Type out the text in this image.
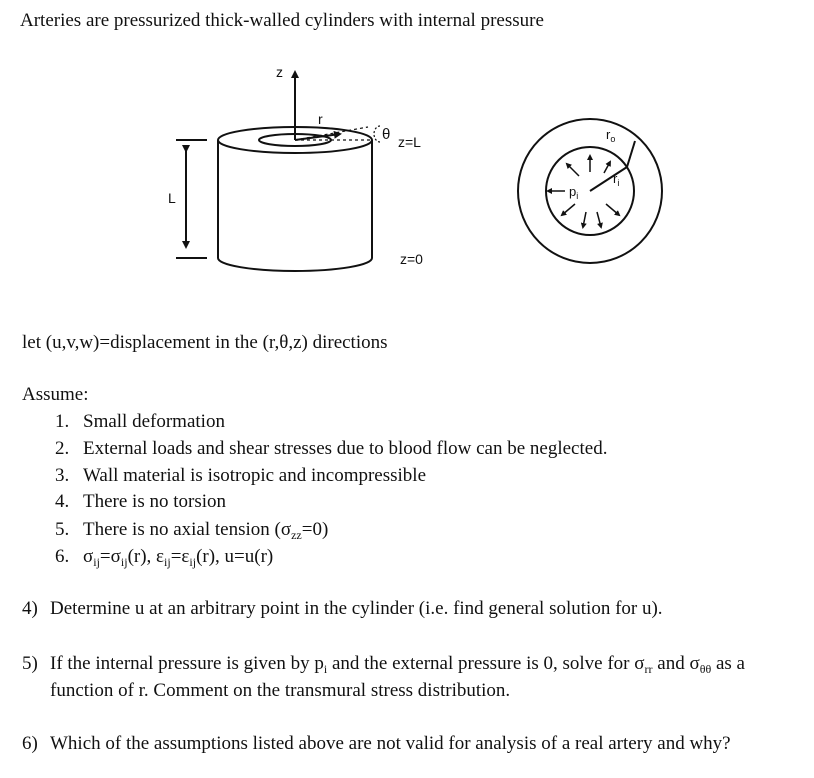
Arteries are pressurized thick-walled cylinders with internal pressure
z
r
θ z=L
z=0
L
$r_o$
$r_i$
$p_i$
let (u,v,w)=displacement in the (r,θ,z) directions
Assume:
1. Small deformation
2. External loads and shear stresses due to blood flow can be neglected.
3. Wall material is isotropic and incompressible
4. There is no torsion
5. There is no axial tension $(\sigma_{zz}=0)$
6. $\sigma_{ij}=\sigma_{ij}(r)$, $\varepsilon_{ij}=\varepsilon_{ij}(r)$, u=u(r)
4) Determine u at an arbitrary point in the cylinder (i.e. find general solution for u).
5) If the internal pressure is given by $p_i$ and the external pressure is 0, solve for $\sigma_{rr}$ and $\sigma_{\theta\theta}$ as a
function of r. Comment on the transmural stress distribution.
6) Which of the assumptions listed above are not valid for analysis of a real artery and why?
